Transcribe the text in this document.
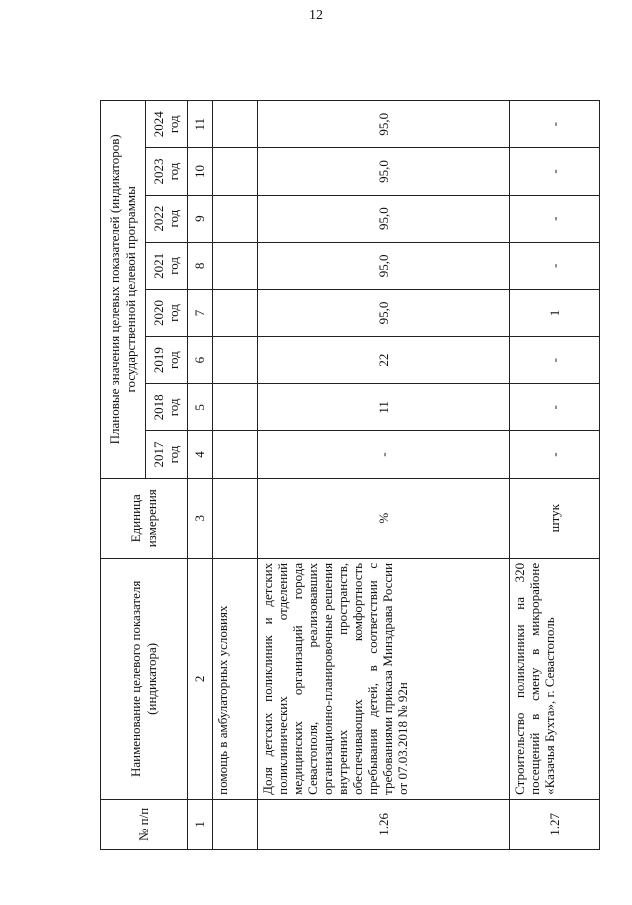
12
№ п/п	Наименование целевого показателя (индикатора)	Единица измерения	Плановые значения целевых показателей (индикаторов) государственной целевой программы							
			2017 год	2018 год	2019 год	2020 год	2021 год	2022 год	2023 год	2024 год
1	2	3	4	5	6	7	8	9	10	11
	помощь в амбулаторных условиях									
1.26	Доля детских поликлиник и детских поликлинических отделений медицинских организаций города Севастополя, реализовавших организационно-планировочные решения внутренних пространств, обеспечивающих комфортность пребывания детей, в соответствии с требованиями приказа Минздрава России от 07.03.2018 № 92н	%	-	11	22	95,0	95,0	95,0	95,0	95,0
1.27	Строительство поликлиники на 320 посещений в смену в микрорайоне «Казачья Бухта», г. Севастополь	штук	-	-	-	1	-	-	-	-
